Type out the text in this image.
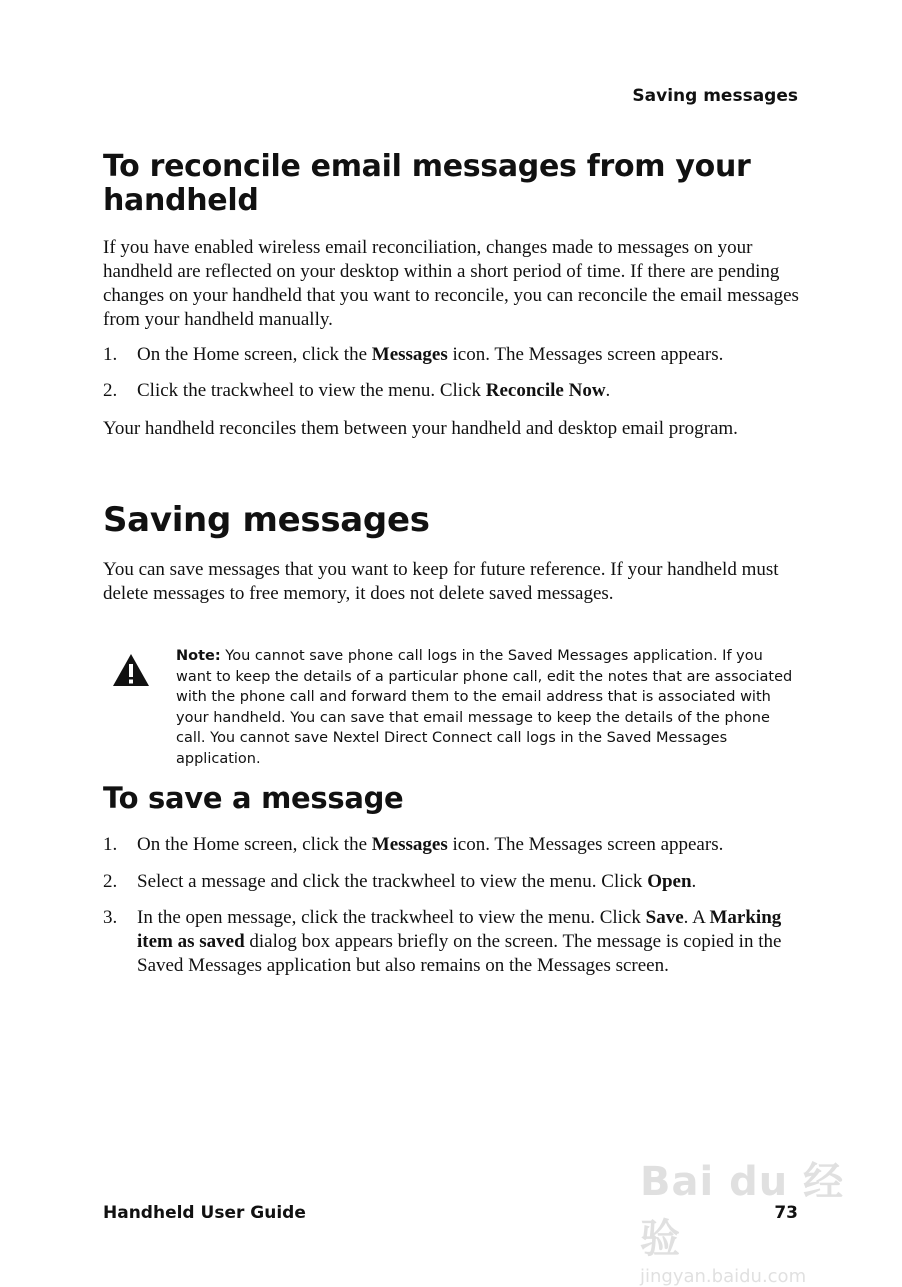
Saving messages
To reconcile email messages from your
handheld

If you have enabled wireless email reconciliation, changes made to messages on your handheld are reflected on your desktop within a short period of time. If there are pending changes on your handheld that you want to reconcile, you can reconcile the email messages from your handheld manually.

1. On the Home screen, click the Messages icon. The Messages screen appears.
2. Click the trackwheel to view the menu. Click Reconcile Now.

Your handheld reconciles them between your handheld and desktop email program.

Saving messages

You can save messages that you want to keep for future reference. If your handheld must delete messages to free memory, it does not delete saved messages.

Note: You cannot save phone call logs in the Saved Messages application. If you want to keep the details of a particular phone call, edit the notes that are associated with the phone call and forward them to the email address that is associated with your handheld. You can save that email message to keep the details of the phone call. You cannot save Nextel Direct Connect call logs in the Saved Messages application.
To save a message
1. On the Home screen, click the Messages icon. The Messages screen appears.
2. Select a message and click the trackwheel to view the menu. Click Open.
3. In the open message, click the trackwheel to view the menu. Click Save. A Marking item as saved dialog box appears briefly on the screen. The message is copied in the Saved Messages application but also remains on the Messages screen.
Bai du 经验
jingyan.baidu.com
Handheld User Guide	73
